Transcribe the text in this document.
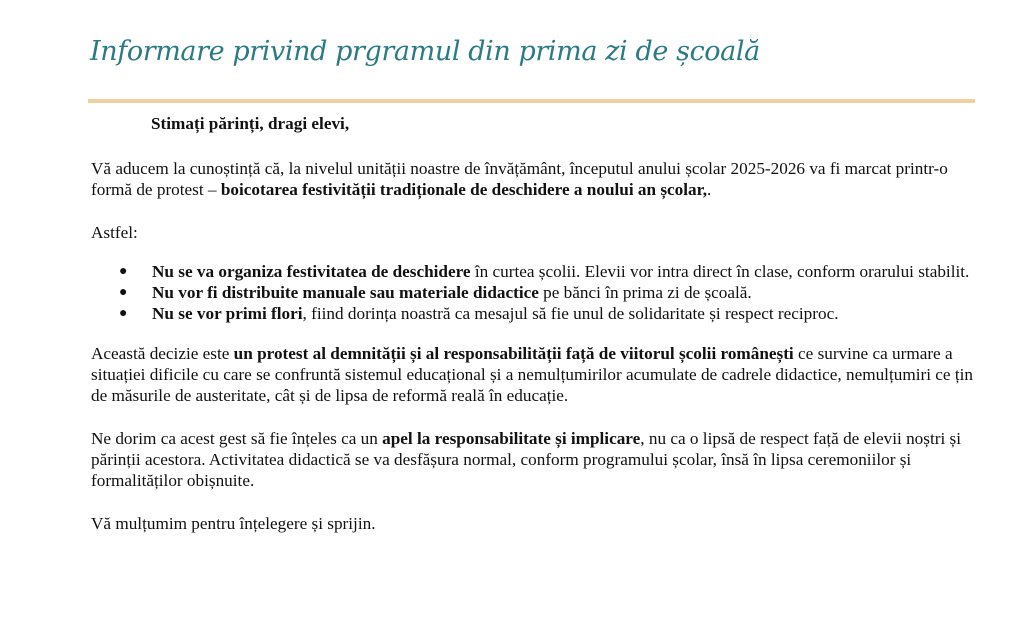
Informare privind prgramul din prima zi de școală

Stimați părinți, dragi elevi,

Vă aducem la cunoștință că, la nivelul unității noastre de învățământ, începutul anului școlar 2025-2026 va fi marcat printr-o formă de protest – boicotarea festivității tradiționale de deschidere a noului an școlar,.

Astfel:

● Nu se va organiza festivitatea de deschidere în curtea școlii. Elevii vor intra direct în clase, conform orarului stabilit.
● Nu vor fi distribuite manuale sau materiale didactice pe bănci în prima zi de școală.
● Nu se vor primi flori, fiind dorința noastră ca mesajul să fie unul de solidaritate și respect reciproc.

Această decizie este un protest al demnității și al responsabilității față de viitorul școlii românești ce survine ca urmare a situației dificile cu care se confruntă sistemul educațional și a nemulțumirilor acumulate de cadrele didactice, nemulțumiri ce țin de măsurile de austeritate, cât și de lipsa de reformă reală în educație.

Ne dorim ca acest gest să fie înțeles ca un apel la responsabilitate și implicare, nu ca o lipsă de respect față de elevii noștri și părinții acestora. Activitatea didactică se va desfășura normal, conform programului școlar, însă în lipsa ceremoniilor și formalităților obișnuite.

Vă mulțumim pentru înțelegere și sprijin.
